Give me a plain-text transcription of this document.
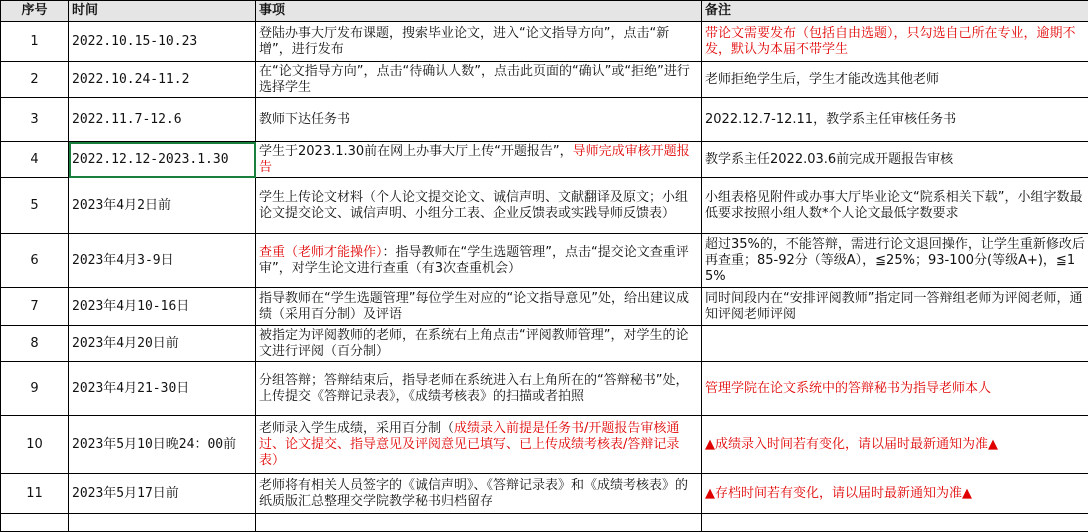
序号	时间	事项	备注
1	2022.10.15-10.23	登陆办事大厅发布课题，搜索毕业论文，进入“论文指导方向”，点击“新增”，进行发布	带论文需要发布（包括自由选题），只勾选自己所在专业，逾期不发，默认为本届不带学生
2	2022.10.24-11.2	在“论文指导方向”，点击“待确认人数”，点击此页面的“确认”或“拒绝”进行选择学生	老师拒绝学生后，学生才能改选其他老师
3	2022.11.7-12.6	教师下达任务书	2022.12.7-12.11，教学系主任审核任务书
4	2022.12.12-2023.1.30	学生于2023.1.30前在网上办事大厅上传“开题报告”，导师完成审核开题报告	教学系主任2022.03.6前完成开题报告审核
5	2023年4月2日前	学生上传论文材料（个人论文提交论文、诚信声明、文献翻译及原文；小组论文提交论文、诚信声明、小组分工表、企业反馈表或实践导师反馈表）	小组表格见附件或办事大厅毕业论文“院系相关下载”，小组字数最低要求按照小组人数*个人论文最低字数要求
6	2023年4月3-9日	查重（老师才能操作）：指导教师在“学生选题管理”，点击“提交论文查重评审”，对学生论文进行查重（有3次查重机会）	超过35%的，不能答辩，需进行论文退回操作，让学生重新修改后再查重；85-92分（等级A），≦25%；93-100分(等级A+)，≦15%
7	2023年4月10-16日	指导教师在“学生选题管理”每位学生对应的“论文指导意见”处，给出建议成绩（采用百分制）及评语	同时间段内在“安排评阅教师”指定同一答辩组老师为评阅老师，通知评阅老师评阅
8	2023年4月20日前	被指定为评阅教师的老师，在系统右上角点击“评阅教师管理”，对学生的论文进行评阅（百分制）	
9	2023年4月21-30日	分组答辩；答辩结束后，指导老师在系统进入右上角所在的“答辩秘书”处，上传提交《答辩记录表》，《成绩考核表》的扫描或者拍照	管理学院在论文系统中的答辩秘书为指导老师本人
10	2023年5月10日晚24：00前	老师录入学生成绩，采用百分制（成绩录入前提是任务书/开题报告审核通过、论文提交、指导意见及评阅意见已填写、已上传成绩考核表/答辩记录表）	▲成绩录入时间若有变化，请以届时最新通知为准▲
11	2023年5月17日前	老师将有相关人员签字的《诚信声明》、《答辩记录表》和《成绩考核表》的纸质版汇总整理交学院教学秘书归档留存	▲存档时间若有变化，请以届时最新通知为准▲
